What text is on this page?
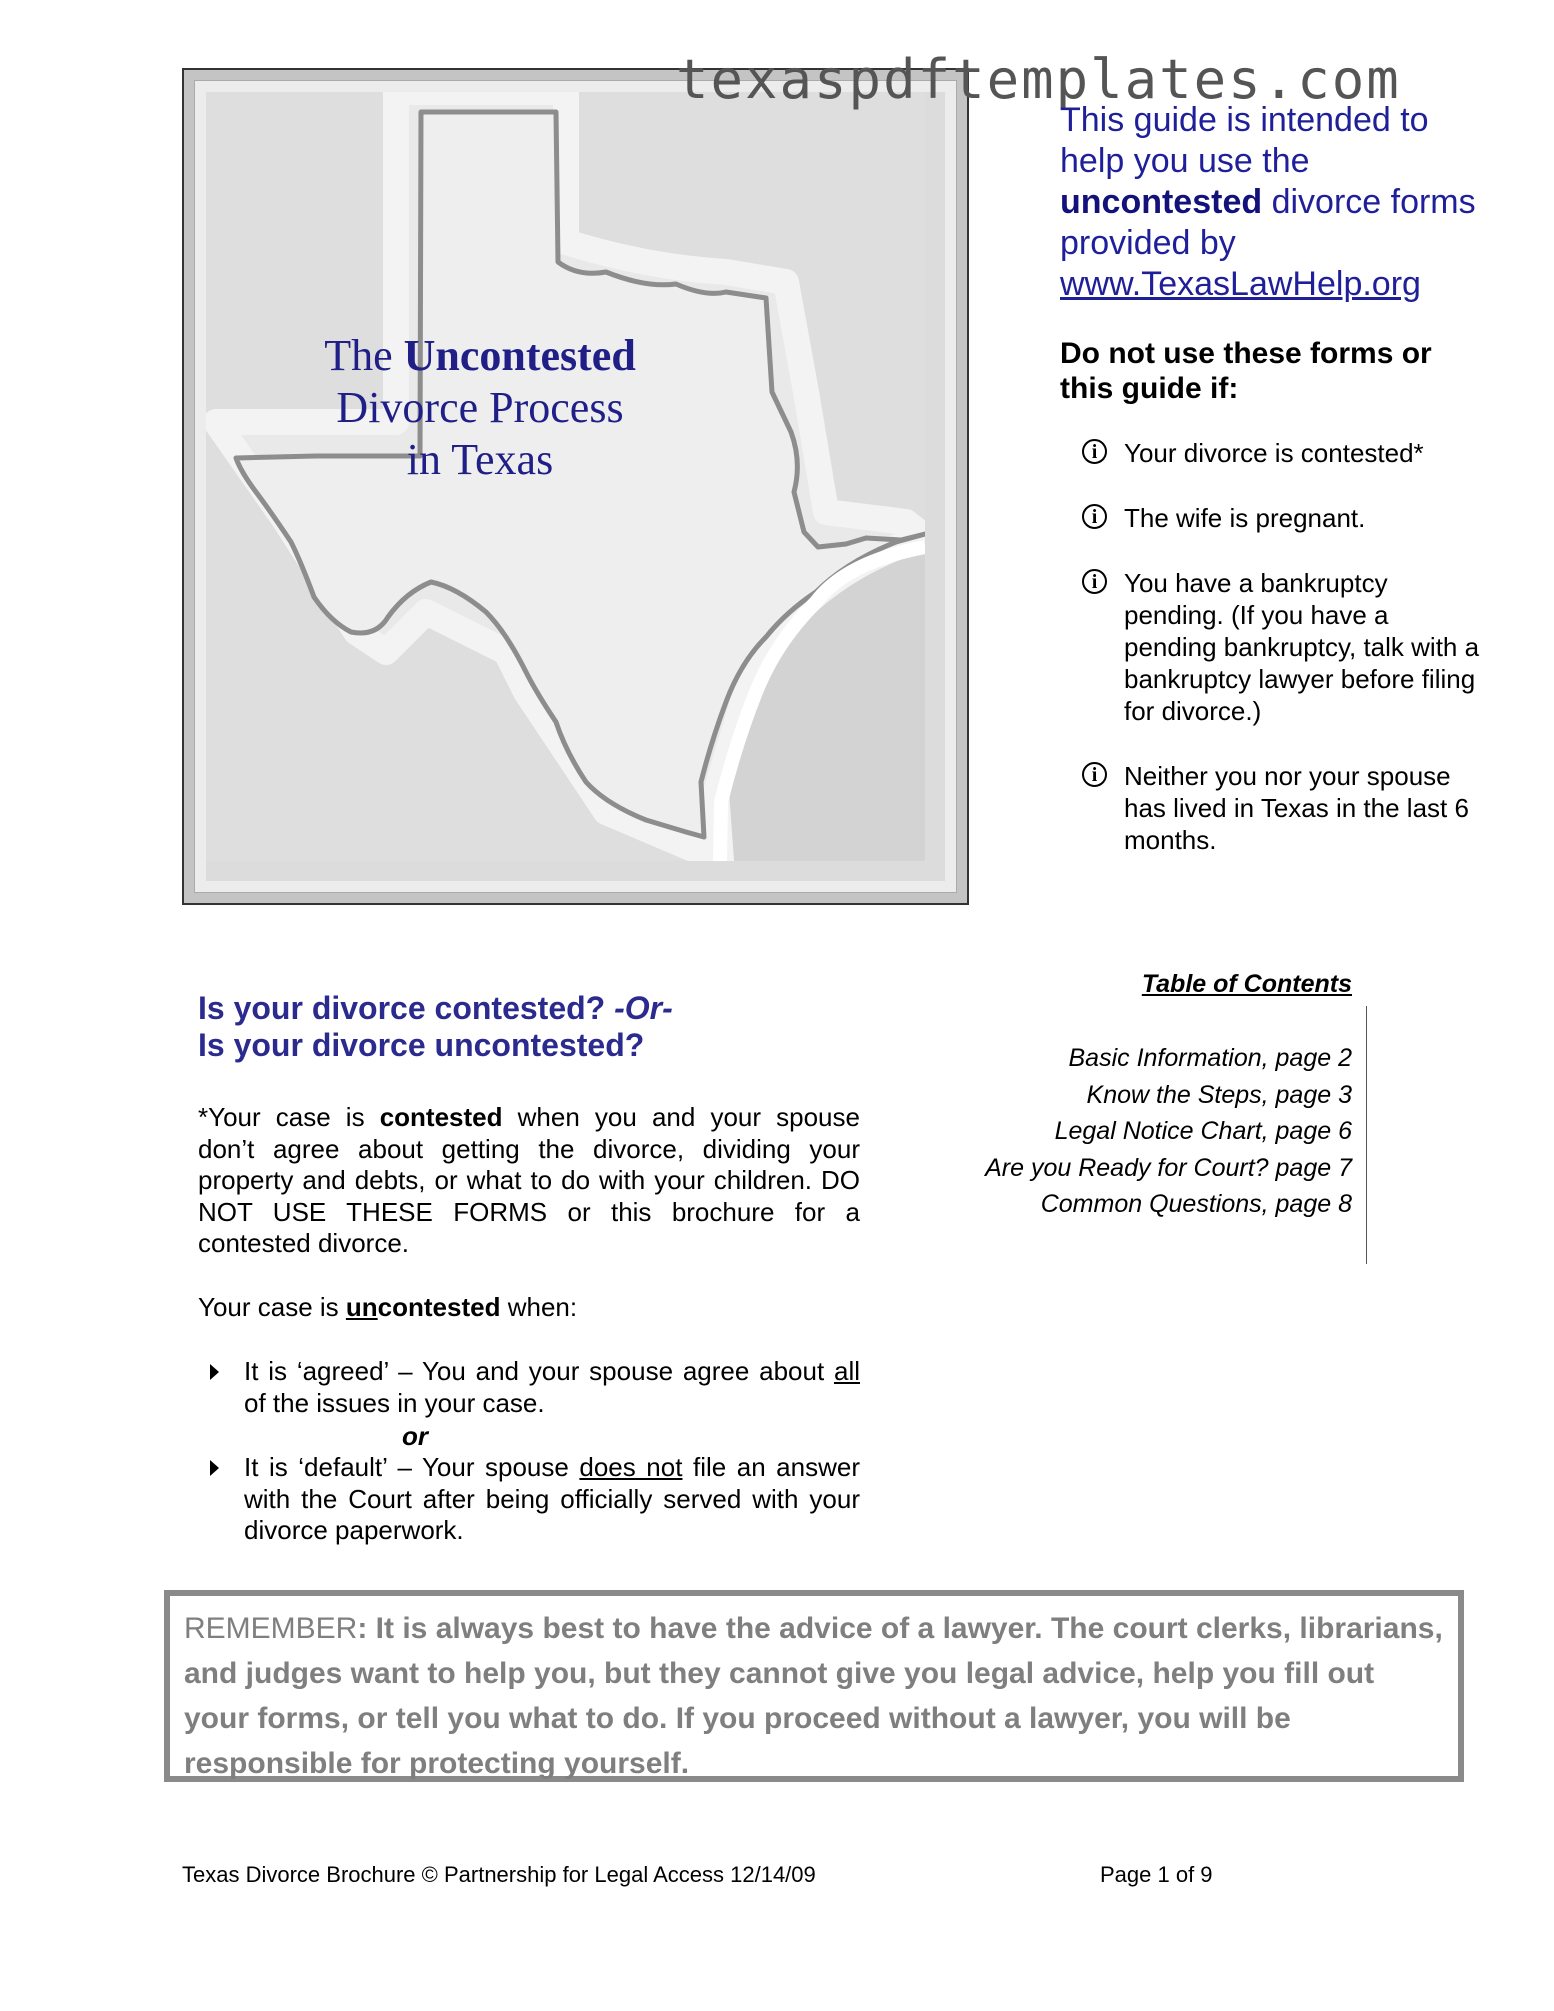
The Uncontested
Divorce Process
in Texas
texaspdftemplates.com
This guide is intended to help you use the uncontested divorce forms provided by www.TexasLawHelp.org
Do not use these forms or this guide if:
i	Your divorce is contested*
i	The wife is pregnant.
i	You have a bankruptcy pending. (If you have a pending bankruptcy, talk with a bankruptcy lawyer before filing for divorce.)
i	Neither you nor your spouse has lived in Texas in the last 6 months.
Is your divorce contested? -Or-
Is your divorce uncontested?
*Your case is contested when you and your spouse don’t agree about getting the divorce, dividing your property and debts, or what to do with your children. DO NOT USE THESE FORMS or this brochure for a contested divorce.
Your case is uncontested when:
It is ‘agreed’ – You and your spouse agree about all of the issues in your case.
or
It is ‘default’ – Your spouse does not file an answer with the Court after being officially served with your divorce paperwork.
Table of Contents
Basic Information, page 2
Know the Steps, page 3
Legal Notice Chart, page 6
Are you Ready for Court? page 7
Common Questions, page 8
REMEMBER: It is always best to have the advice of a lawyer. The court clerks, librarians, and judges want to help you, but they cannot give you legal advice, help you fill out your forms, or tell you what to do. If you proceed without a lawyer, you will be responsible for protecting yourself.
Texas Divorce Brochure © Partnership for Legal Access 12/14/09	Page 1 of 9
